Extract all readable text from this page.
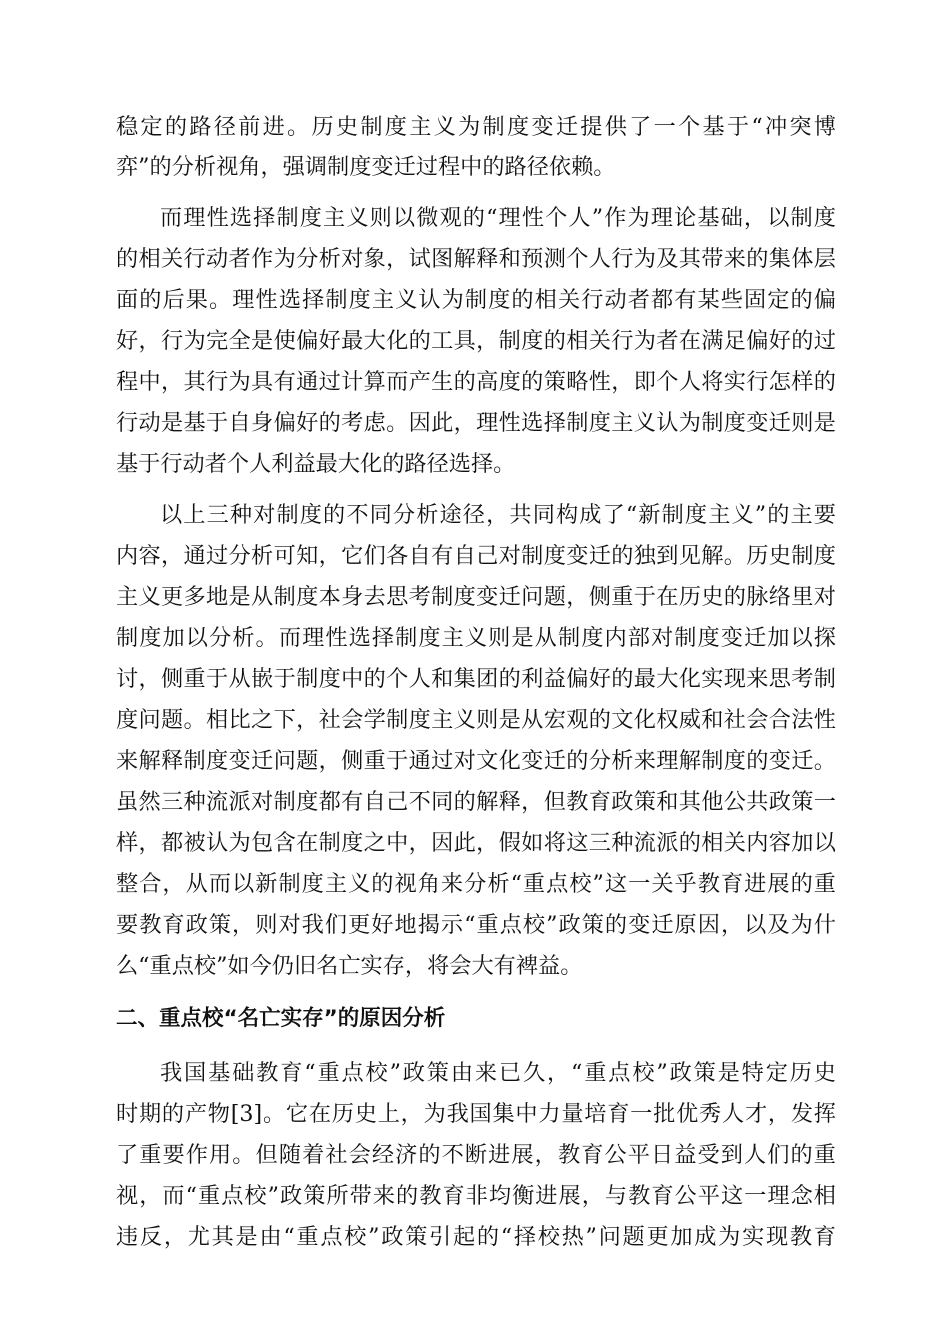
稳定的路径前进。历史制度主义为制度变迁提供了一个基于“冲突博
弈”的分析视角，强调制度变迁过程中的路径依赖。
而理性选择制度主义则以微观的“理性个人”作为理论基础，以制度
的相关行动者作为分析对象，试图解释和预测个人行为及其带来的集体层
面的后果。理性选择制度主义认为制度的相关行动者都有某些固定的偏
好，行为完全是使偏好最大化的工具，制度的相关行为者在满足偏好的过
程中，其行为具有通过计算而产生的高度的策略性，即个人将实行怎样的
行动是基于自身偏好的考虑。因此，理性选择制度主义认为制度变迁则是
基于行动者个人利益最大化的路径选择。
以上三种对制度的不同分析途径，共同构成了“新制度主义”的主要
内容，通过分析可知，它们各自有自己对制度变迁的独到见解。历史制度
主义更多地是从制度本身去思考制度变迁问题，侧重于在历史的脉络里对
制度加以分析。而理性选择制度主义则是从制度内部对制度变迁加以探
讨，侧重于从嵌于制度中的个人和集团的利益偏好的最大化实现来思考制
度问题。相比之下，社会学制度主义则是从宏观的文化权威和社会合法性
来解释制度变迁问题，侧重于通过对文化变迁的分析来理解制度的变迁。
虽然三种流派对制度都有自己不同的解释，但教育政策和其他公共政策一
样，都被认为包含在制度之中，因此，假如将这三种流派的相关内容加以
整合，从而以新制度主义的视角来分析“重点校”这一关乎教育进展的重
要教育政策，则对我们更好地揭示“重点校”政策的变迁原因，以及为什
么“重点校”如今仍旧名亡实存，将会大有裨益。
二、重点校“名亡实存”的原因分析
我国基础教育“重点校”政策由来已久，“重点校”政策是特定历史
时期的产物[3]。它在历史上，为我国集中力量培育一批优秀人才，发挥
了重要作用。但随着社会经济的不断进展，教育公平日益受到人们的重
视，而“重点校”政策所带来的教育非均衡进展，与教育公平这一理念相
违反，尤其是由“重点校”政策引起的“择校热”问题更加成为实现教育
